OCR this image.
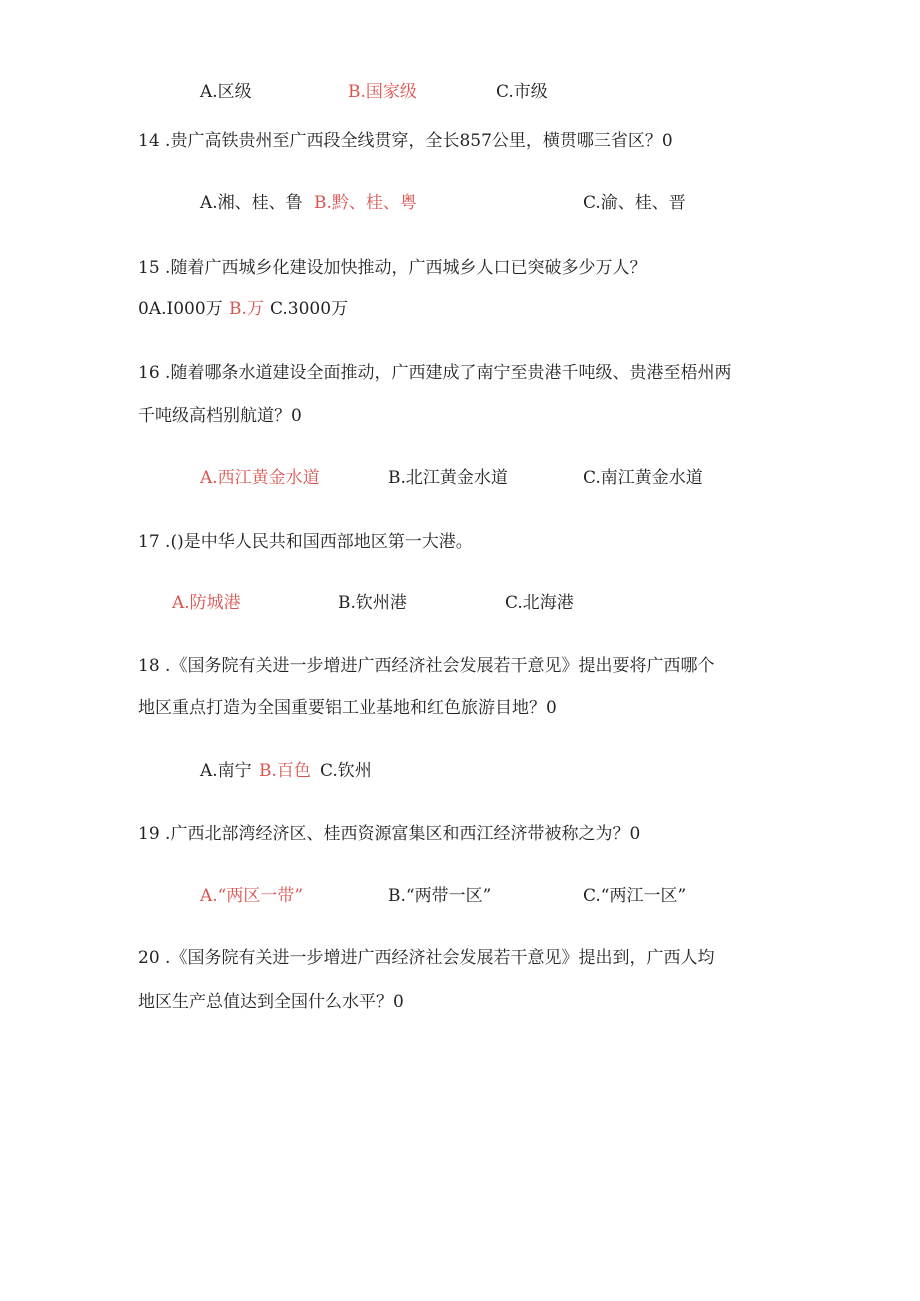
A.区级	B.国家级	C.市级
14 .贵广高铁贵州至广西段全线贯穿，全长857公里，横贯哪三省区？0
A.湘、桂、鲁 B.黔、桂、粤	C.渝、桂、晋
15 .随着广西城乡化建设加快推动，广西城乡人口已突破多少万人？
0A.I000万 B.万 C.3000万
16 .随着哪条水道建设全面推动，广西建成了南宁至贵港千吨级、贵港至梧州两
千吨级高档别航道？0
A.西江黄金水道	B.北江黄金水道	C.南江黄金水道
17 .()是中华人民共和国西部地区第一大港。
A.防城港	B.钦州港	C.北海港
18 .《国务院有关进一步增进广西经济社会发展若干意见》提出要将广西哪个
地区重点打造为全国重要铝工业基地和红色旅游目地？0
A.南宁 B.百色 C.钦州
19 .广西北部湾经济区、桂西资源富集区和西江经济带被称之为？0
A.“两区一带”	B.“两带一区”	C.“两江一区”
20 .《国务院有关进一步增进广西经济社会发展若干意见》提出到，广西人均
地区生产总值达到全国什么水平？0
